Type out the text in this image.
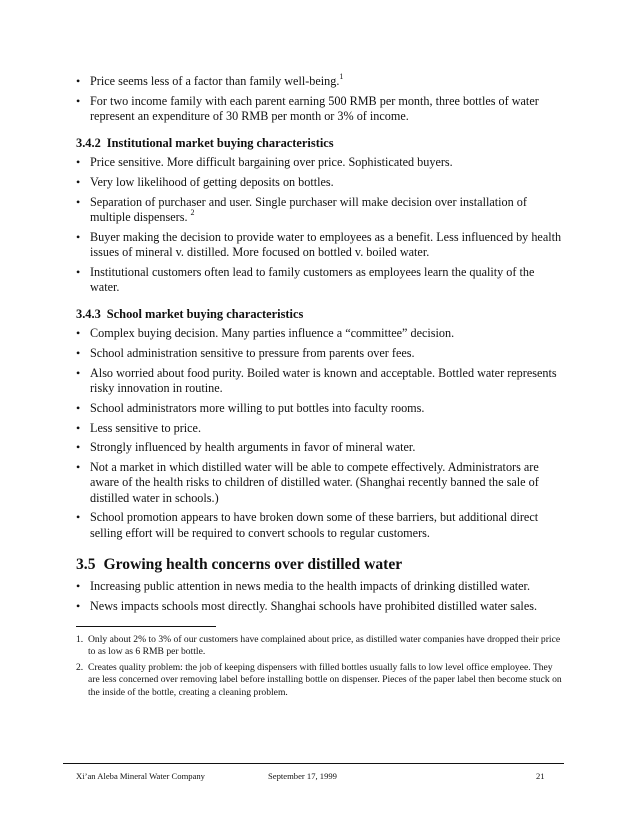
• Price seems less of a factor than family well-being.$^1$
• For two income family with each parent earning 500 RMB per month, three bottles of water represent an expenditure of 30 RMB per month or 3% of income.
3.4.2 Institutional market buying characteristics
• Price sensitive. More difficult bargaining over price. Sophisticated buyers.
• Very low likelihood of getting deposits on bottles.
• Separation of purchaser and user. Single purchaser will make decision over installation of multiple dispensers. $^2$
• Buyer making the decision to provide water to employees as a benefit. Less influenced by health issues of mineral v. distilled. More focused on bottled v. boiled water.
• Institutional customers often lead to family customers as employees learn the quality of the water.
3.4.3 School market buying characteristics
• Complex buying decision. Many parties influence a “committee” decision.
• School administration sensitive to pressure from parents over fees.
• Also worried about food purity. Boiled water is known and acceptable. Bottled water represents risky innovation in routine.
• School administrators more willing to put bottles into faculty rooms.
• Less sensitive to price.
• Strongly influenced by health arguments in favor of mineral water.
• Not a market in which distilled water will be able to compete effectively. Administrators are aware of the health risks to children of distilled water. (Shanghai recently banned the sale of distilled water in schools.)
• School promotion appears to have broken down some of these barriers, but additional direct selling effort will be required to convert schools to regular customers.
3.5 Growing health concerns over distilled water
• Increasing public attention in news media to the health impacts of drinking distilled water.
• News impacts schools most directly. Shanghai schools have prohibited distilled water sales.
1. Only about 2% to 3% of our customers have complained about price, as distilled water companies have dropped their price to as low as 6 RMB per bottle.
2. Creates quality problem: the job of keeping dispensers with filled bottles usually falls to low level office employee. They are less concerned over removing label before installing bottle on dispenser. Pieces of the paper label then become stuck on the inside of the bottle, creating a cleaning problem.
Xi’an Aleba Mineral Water Company	September 17, 1999	21
